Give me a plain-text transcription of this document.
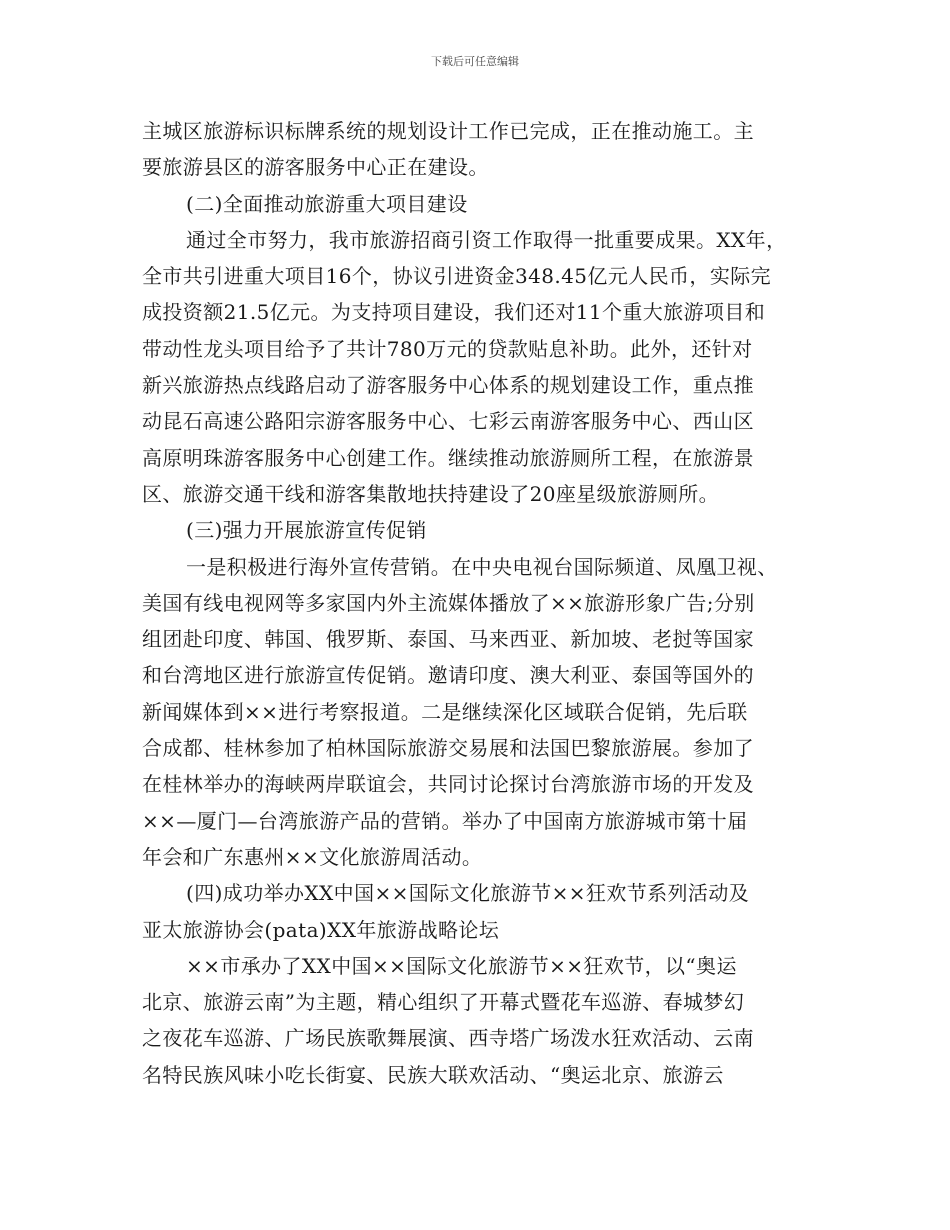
下载后可任意编辑
主城区旅游标识标牌系统的规划设计工作已完成，正在推动施工。主
要旅游县区的游客服务中心正在建设。
(二)全面推动旅游重大项目建设
通过全市努力，我市旅游招商引资工作取得一批重要成果。XX年，
全市共引进重大项目16个，协议引进资金348.45亿元人民币，实际完
成投资额21.5亿元。为支持项目建设，我们还对11个重大旅游项目和
带动性龙头项目给予了共计780万元的贷款贴息补助。此外，还针对
新兴旅游热点线路启动了游客服务中心体系的规划建设工作，重点推
动昆石高速公路阳宗游客服务中心、七彩云南游客服务中心、西山区
高原明珠游客服务中心创建工作。继续推动旅游厕所工程，在旅游景
区、旅游交通干线和游客集散地扶持建设了20座星级旅游厕所。
(三)强力开展旅游宣传促销
一是积极进行海外宣传营销。在中央电视台国际频道、凤凰卫视、
美国有线电视网等多家国内外主流媒体播放了××旅游形象广告;分别
组团赴印度、韩国、俄罗斯、泰国、马来西亚、新加坡、老挝等国家
和台湾地区进行旅游宣传促销。邀请印度、澳大利亚、泰国等国外的
新闻媒体到××进行考察报道。二是继续深化区域联合促销，先后联
合成都、桂林参加了柏林国际旅游交易展和法国巴黎旅游展。参加了
在桂林举办的海峡两岸联谊会，共同讨论探讨台湾旅游市场的开发及
××—厦门—台湾旅游产品的营销。举办了中国南方旅游城市第十届
年会和广东惠州××文化旅游周活动。
(四)成功举办XX中国××国际文化旅游节××狂欢节系列活动及
亚太旅游协会(pata)XX年旅游战略论坛
××市承办了XX中国××国际文化旅游节××狂欢节，以“奥运
北京、旅游云南”为主题，精心组织了开幕式暨花车巡游、春城梦幻
之夜花车巡游、广场民族歌舞展演、西寺塔广场泼水狂欢活动、云南
名特民族风味小吃长街宴、民族大联欢活动、“奥运北京、旅游云
